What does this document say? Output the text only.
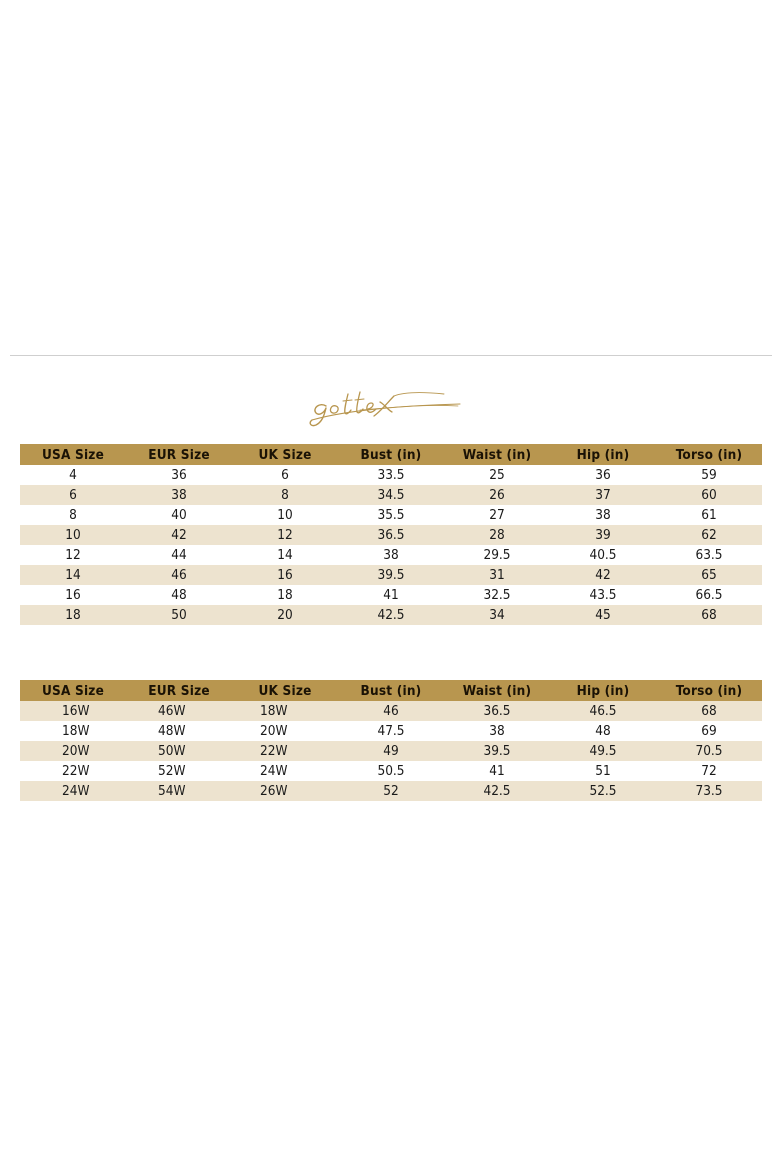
USA Size	EUR Size	UK Size	Bust (in)	Waist (in)	Hip (in)	Torso (in)
4	36	6	33.5	25	36	59
6	38	8	34.5	26	37	60
8	40	10	35.5	27	38	61
10	42	12	36.5	28	39	62
12	44	14	38	29.5	40.5	63.5
14	46	16	39.5	31	42	65
16	48	18	41	32.5	43.5	66.5
18	50	20	42.5	34	45	68
USA Size	EUR Size	UK Size	Bust (in)	Waist (in)	Hip (in)	Torso (in)
16W	46W	18W	46	36.5	46.5	68
18W	48W	20W	47.5	38	48	69
20W	50W	22W	49	39.5	49.5	70.5
22W	52W	24W	50.5	41	51	72
24W	54W	26W	52	42.5	52.5	73.5
